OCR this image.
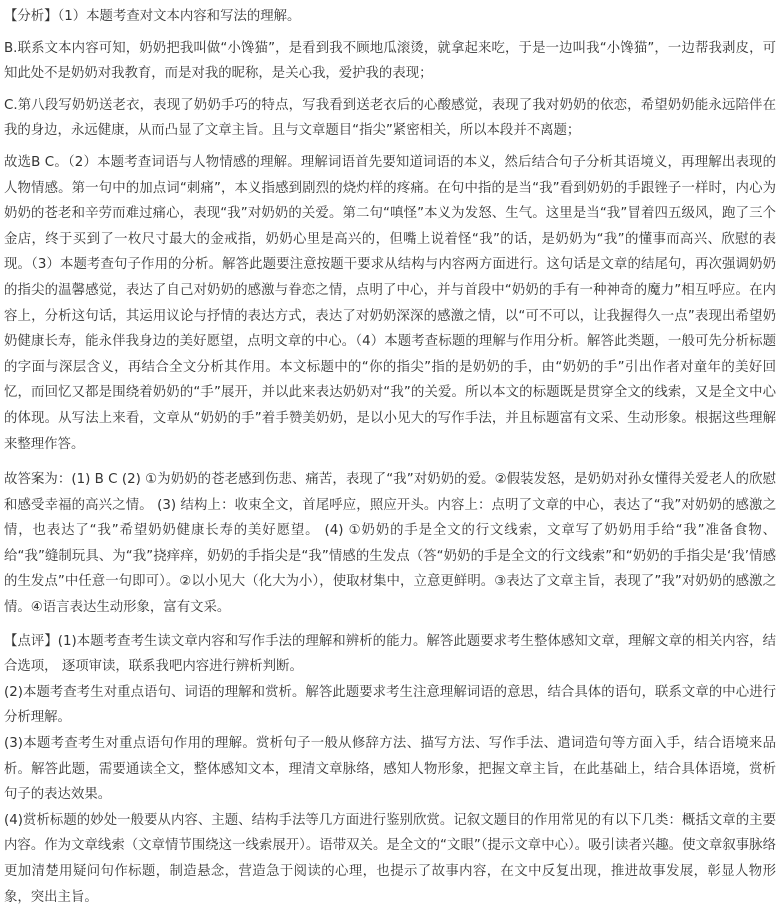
【分析】（1）本题考查对文本内容和写法的理解。

B.联系文本内容可知，奶奶把我叫做“小馋猫”，是看到我不顾地瓜滚烫，就拿起来吃，于是一边叫我“小馋猫”，一边帮我剥皮，可知此处不是奶奶对我教育，而是对我的昵称，是关心我，爱护我的表现；

C.第八段写奶奶送老衣，表现了奶奶手巧的特点，写我看到送老衣后的心酸感觉，表现了我对奶奶的依恋，希望奶奶能永远陪伴在我的身边，永远健康，从而凸显了文章主旨。且与文章题目“指尖”紧密相关，所以本段并不离题；

故选B C。（2）本题考查词语与人物情感的理解。理解词语首先要知道词语的本义，然后结合句子分析其语境义，再理解出表现的人物情感。第一句中的加点词“刺痛”，本义指感到剧烈的烧灼样的疼痛。在句中指的是当“我”看到奶奶的手跟锉子一样时，内心为奶奶的苍老和辛劳而难过痛心，表现“我”对奶奶的关爱。第二句“嗔怪”本义为发怒、生气。这里是当“我”冒着四五级风，跑了三个金店，终于买到了一枚尺寸最大的金戒指，奶奶心里是高兴的，但嘴上说着怪“我”的话，是奶奶为“我”的懂事而高兴、欣慰的表现。（3）本题考查句子作用的分析。解答此题要注意按题干要求从结构与内容两方面进行。这句话是文章的结尾句，再次强调奶奶的指尖的温馨感觉，表达了自己对奶奶的感激与眷恋之情，点明了中心，并与首段中“奶奶的手有一种神奇的魔力”相互呼应。在内容上，分析这句话，其运用议论与抒情的表达方式，表达了对奶奶深深的感激之情，以“可不可以，让我握得久一点”表现出希望奶奶健康长寿，能永伴我身边的美好愿望，点明文章的中心。（4）本题考查标题的理解与作用分析。解答此类题，一般可先分析标题的字面与深层含义，再结合全文分析其作用。本文标题中的“你的指尖”指的是奶奶的手，由“奶奶的手”引出作者对童年的美好回忆，而回忆又都是围绕着奶奶的“手”展开，并以此来表达奶奶对“我”的关爱。所以本文的标题既是贯穿全文的线索，又是全文中心的体现。从写法上来看，文章从“奶奶的手”着手赞美奶奶，是以小见大的写作手法，并且标题富有文采、生动形象。根据这些理解来整理作答。

故答案为：(1) B C (2) ①为奶奶的苍老感到伤悲、痛苦，表现了“我”对奶奶的爱。②假装发怒，是奶奶对孙女懂得关爱老人的欣慰和感受幸福的高兴之情。 (3) 结构上：收束全文，首尾呼应，照应开头。内容上：点明了文章的中心，表达了“我”对奶奶的感激之情，也表达了“我”希望奶奶健康长寿的美好愿望。 (4) ①奶奶的手是全文的行文线索，文章写了奶奶用手给“我”准备食物、给“我”缝制玩具、为“我”挠痒痒，奶奶的手指尖是“我”情感的生发点（答“奶奶的手是全文的行文线索”和“奶奶的手指尖是‘我’情感的生发点”中任意一句即可）。②以小见大（化大为小），使取材集中，立意更鲜明。③表达了文章主旨，表现了”我”对奶奶的感激之情。④语言表达生动形象，富有文采。

【点评】(1)本题考查考生读文章内容和写作手法的理解和辨析的能力。解答此题要求考生整体感知文章，理解文章的相关内容，结合选项， 逐项审读，联系我吧内容进行辨析判断。

(2)本题考查考生对重点语句、词语的理解和赏析。解答此题要求考生注意理解词语的意思，结合具体的语句，联系文章的中心进行分析理解。

(3)本题考查考生对重点语句作用的理解。赏析句子一般从修辞方法、描写方法、写作手法、遣词造句等方面入手，结合语境来品析。解答此题，需要通读全文，整体感知文本，理清文章脉络，感知人物形象，把握文章主旨，在此基础上，结合具体语境，赏析句子的表达效果。

(4)赏析标题的妙处一般要从内容、主题、结构手法等几方面进行鉴别欣赏。记叙文题目的作用常见的有以下几类：概括文章的主要内容。作为文章线索（文章情节围绕这一线索展开）。语带双关。是全文的“文眼”（提示文章中心）。吸引读者兴趣。使文章叙事脉络更加清楚用疑问句作标题，制造悬念，营造急于阅读的心理，也提示了故事内容，在文中反复出现，推进故事发展，彰显人物形象，突出主旨。
